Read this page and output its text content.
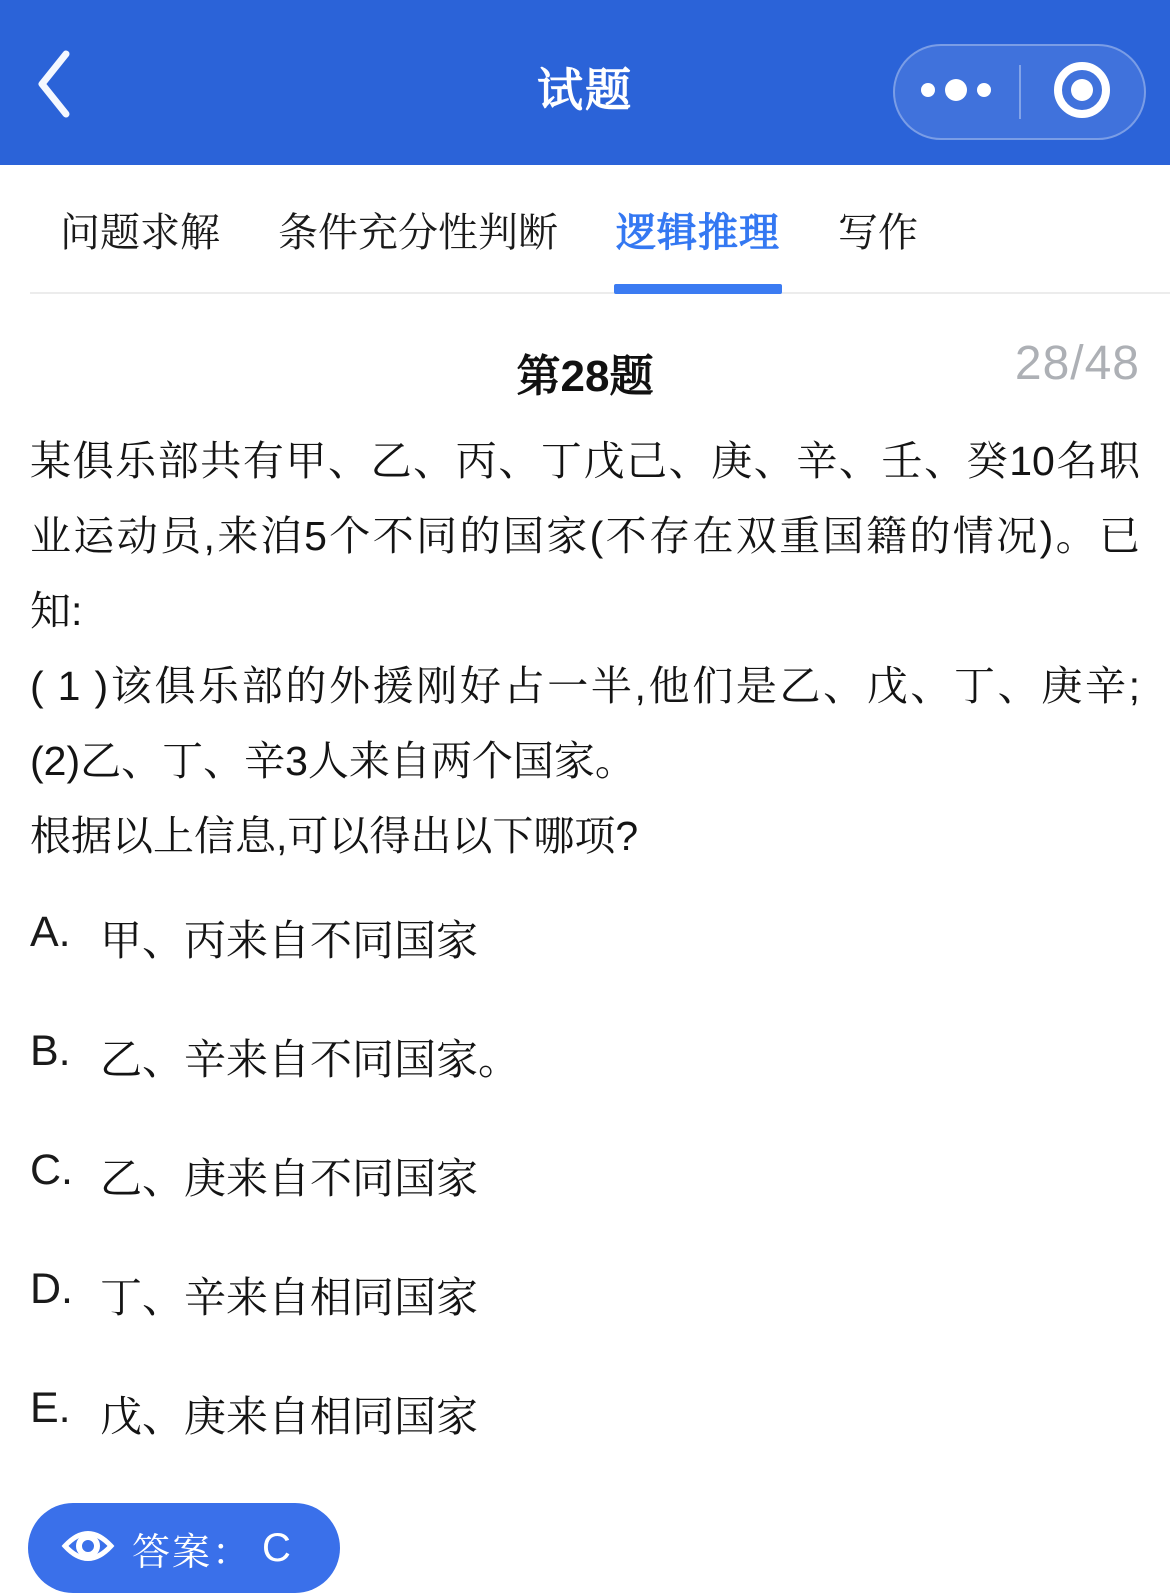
试题
问题求解 条件充分性判断 逻辑推理 写作
第28题	28/48
某俱乐部共有甲、乙、丙、丁戊己、庚、辛、壬、癸10名职
业运动员,来洎5个不同的国家(不存在双重国籍的情况)。已
知:
( 1 )该俱乐部的外援刚好占一半,他们是乙、戊、丁、庚辛;
(2)乙、丁、辛3人来自两个国家。
根据以上信息,可以得出以下哪项?
A. 甲、丙来自不同国家
B. 乙、辛来自不同国家。
C. 乙、庚来自不同国家
D. 丁、辛来自相同国家
E. 戊、庚来自相同国家
答案： C
